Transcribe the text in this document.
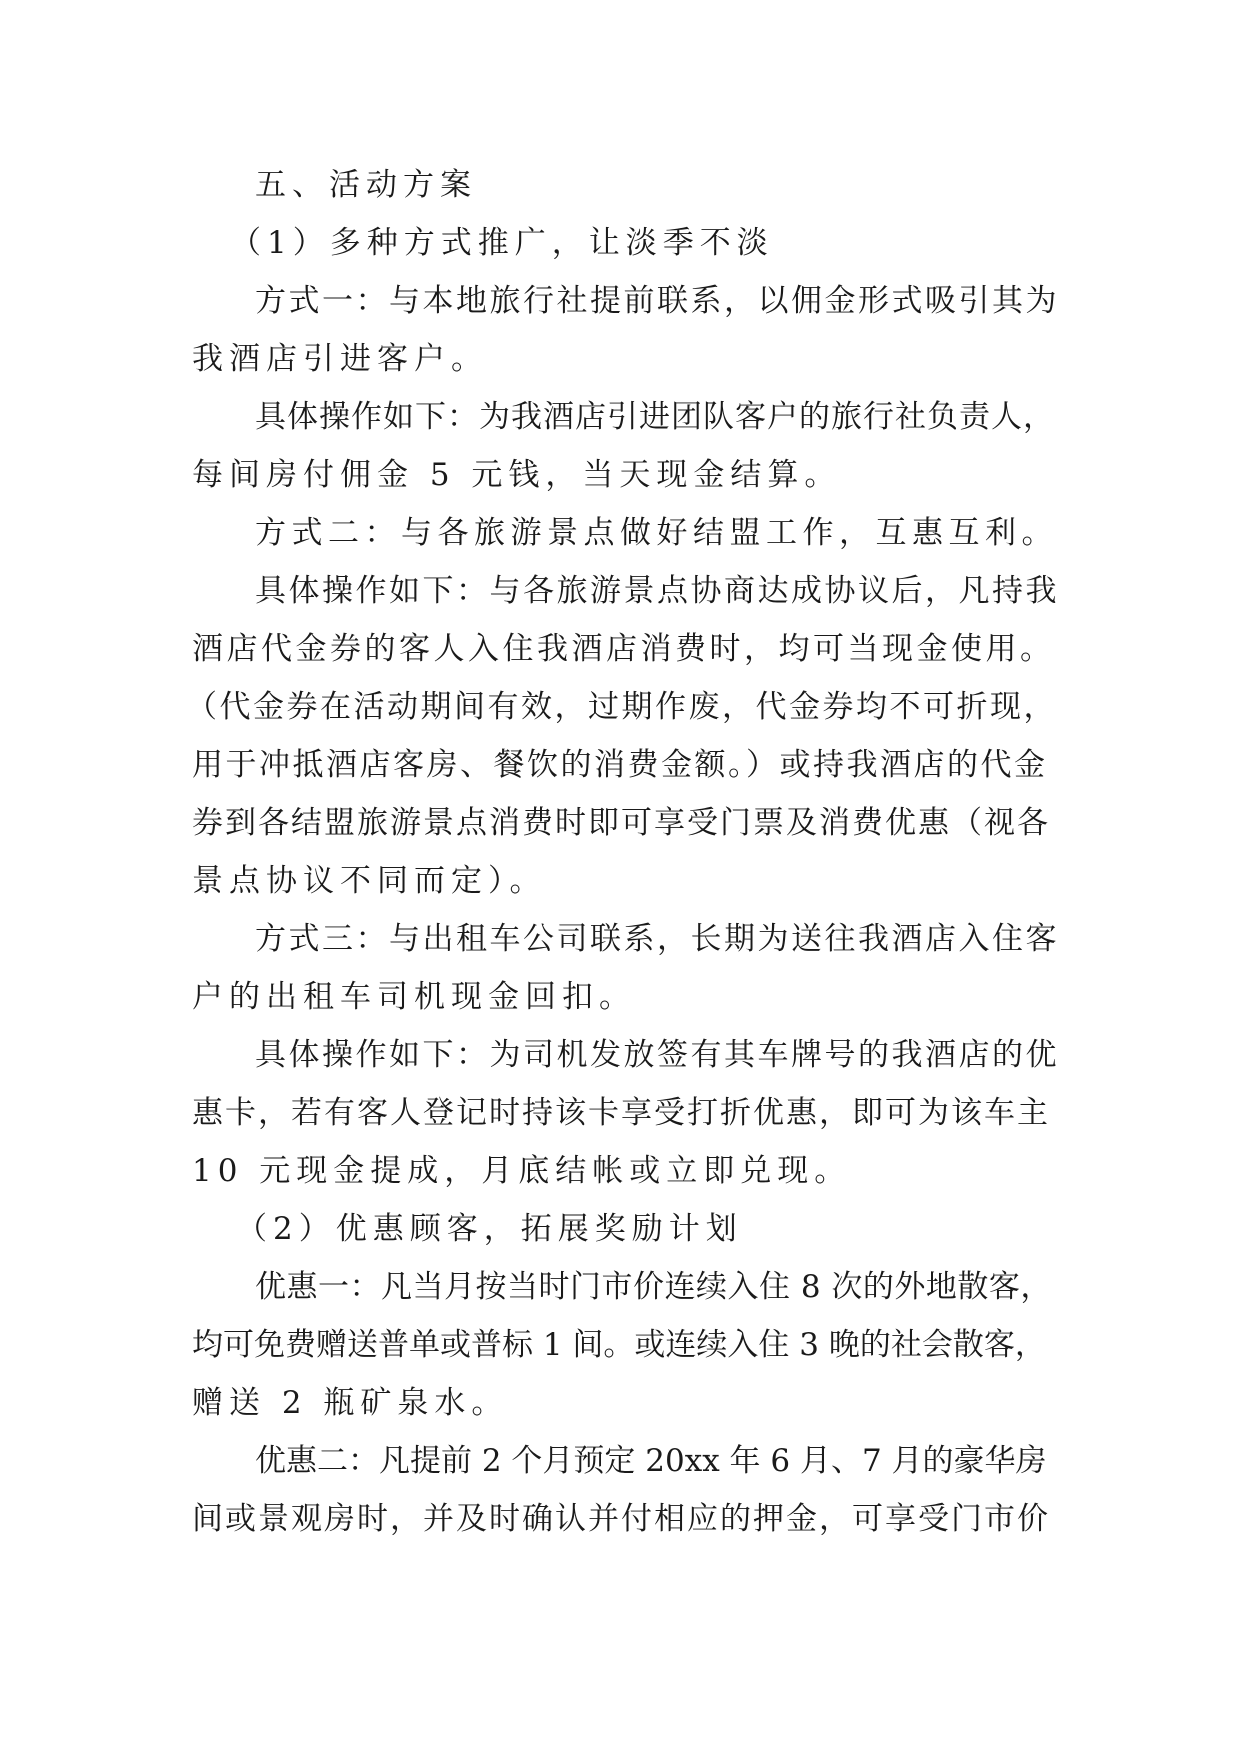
五、活动方案
（1）多种方式推广，让淡季不淡
方式一：与本地旅行社提前联系，以佣金形式吸引其为
我酒店引进客户。
具体操作如下：为我酒店引进团队客户的旅行社负责人，
每间房付佣金 5 元钱，当天现金结算。
方式二：与各旅游景点做好结盟工作，互惠互利。
具体操作如下：与各旅游景点协商达成协议后，凡持我
酒店代金券的客人入住我酒店消费时，均可当现金使用。
（代金券在活动期间有效，过期作废，代金券均不可折现，
用于冲抵酒店客房、餐饮的消费金额。）或持我酒店的代金
券到各结盟旅游景点消费时即可享受门票及消费优惠（视各
景点协议不同而定）。
方式三：与出租车公司联系，长期为送往我酒店入住客
户的出租车司机现金回扣。
具体操作如下：为司机发放签有其车牌号的我酒店的优
惠卡，若有客人登记时持该卡享受打折优惠，即可为该车主
10 元现金提成，月底结帐或立即兑现。
（2）优惠顾客，拓展奖励计划
优惠一：凡当月按当时门市价连续入住 8 次的外地散客，
均可免费赠送普单或普标 1 间。或连续入住 3 晚的社会散客，
赠送 2 瓶矿泉水。
优惠二：凡提前 2 个月预定 20xx 年 6 月、7 月的豪华房
间或景观房时，并及时确认并付相应的押金，可享受门市价
